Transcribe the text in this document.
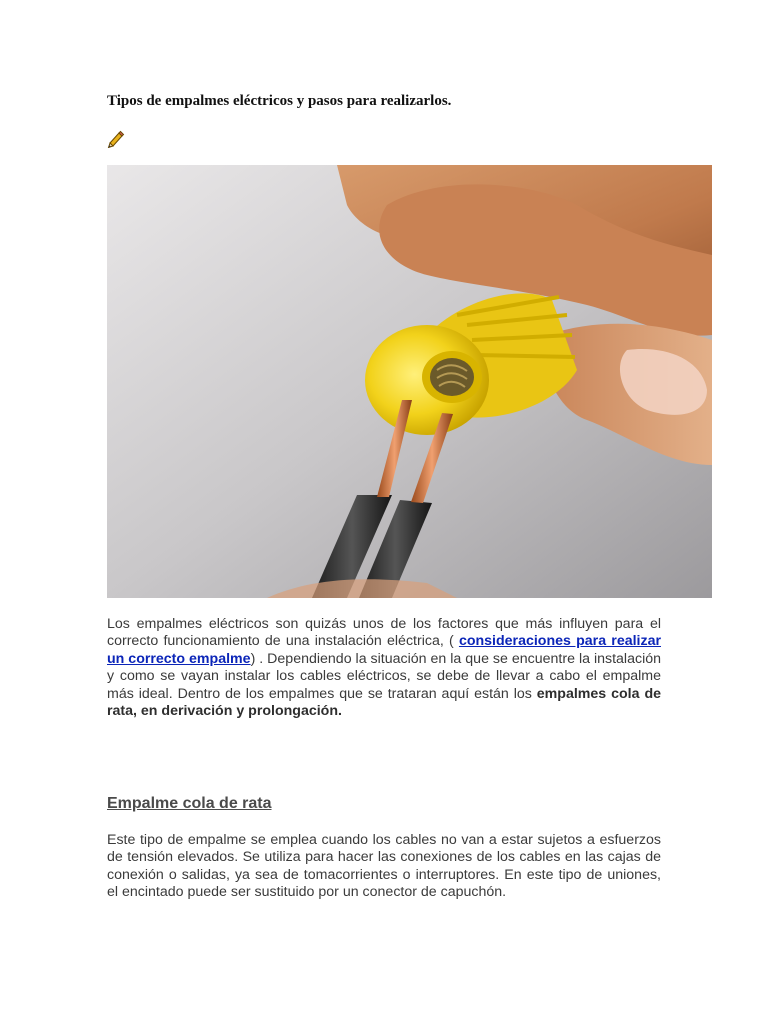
Tipos de empalmes eléctricos y pasos para realizarlos.
Los empalmes eléctricos son quizás unos de los factores que más influyen para el correcto funcionamiento de una instalación eléctrica, ( consideraciones para realizar un correcto empalme) . Dependiendo la situación en la que se encuentre la instalación y como se vayan instalar los cables eléctricos, se debe de llevar a cabo el empalme más ideal. Dentro de los empalmes que se trataran aquí están los empalmes cola de rata, en derivación y prolongación.
Empalme cola de rata
Este tipo de empalme se emplea cuando los cables no van a estar sujetos a esfuerzos de tensión elevados. Se utiliza para hacer las conexiones de los cables en las cajas de conexión o salidas, ya sea de tomacorrientes o interruptores. En este tipo de uniones, el encintado puede ser sustituido por un conector de capuchón.
